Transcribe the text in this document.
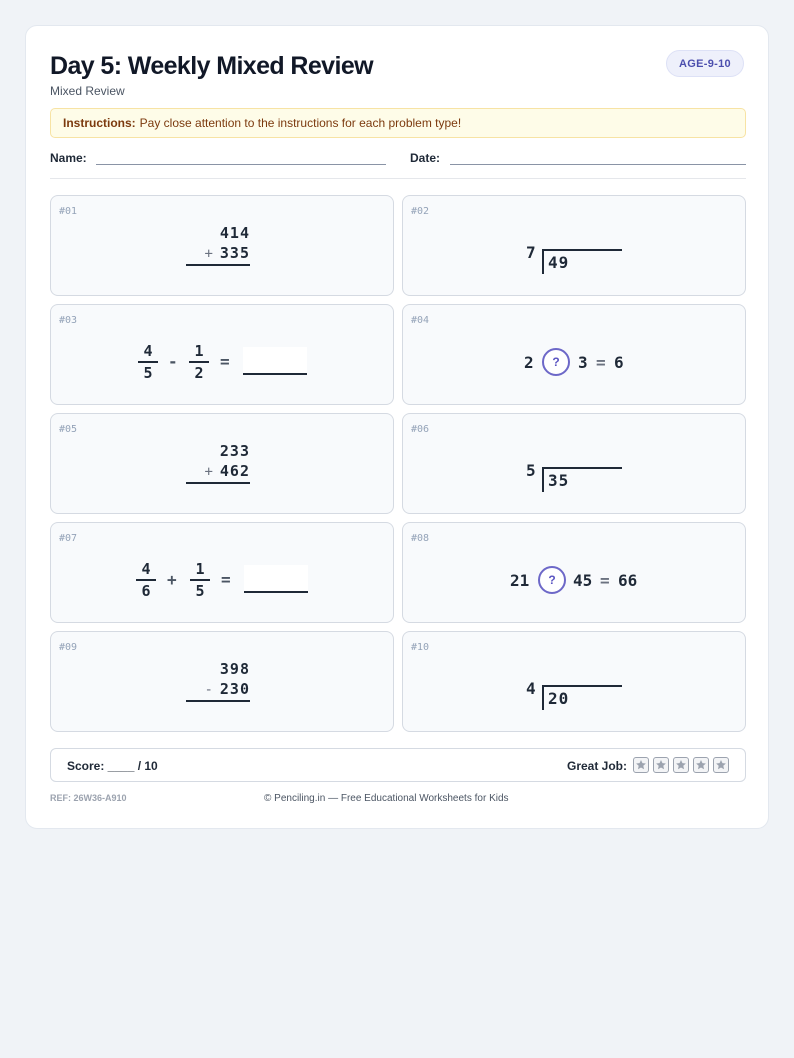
Day 5: Weekly Mixed Review
Mixed Review
AGE-9-10
Instructions: Pay close attention to the instructions for each problem type!
Name:	Date:
#01
414
+ 335
#02
7
49
#03
4
5
-
1
2
=
#04
2	?	3 = 6
#05
233
+ 462
#06
5
35
#07
4
6
+
1
5
=
#08
21	?	45 = 66
#09
398
- 230
#10
4
20
Score: ____ / 10	Great Job:
REF: 26W36-A910	© Penciling.in — Free Educational Worksheets for Kids
